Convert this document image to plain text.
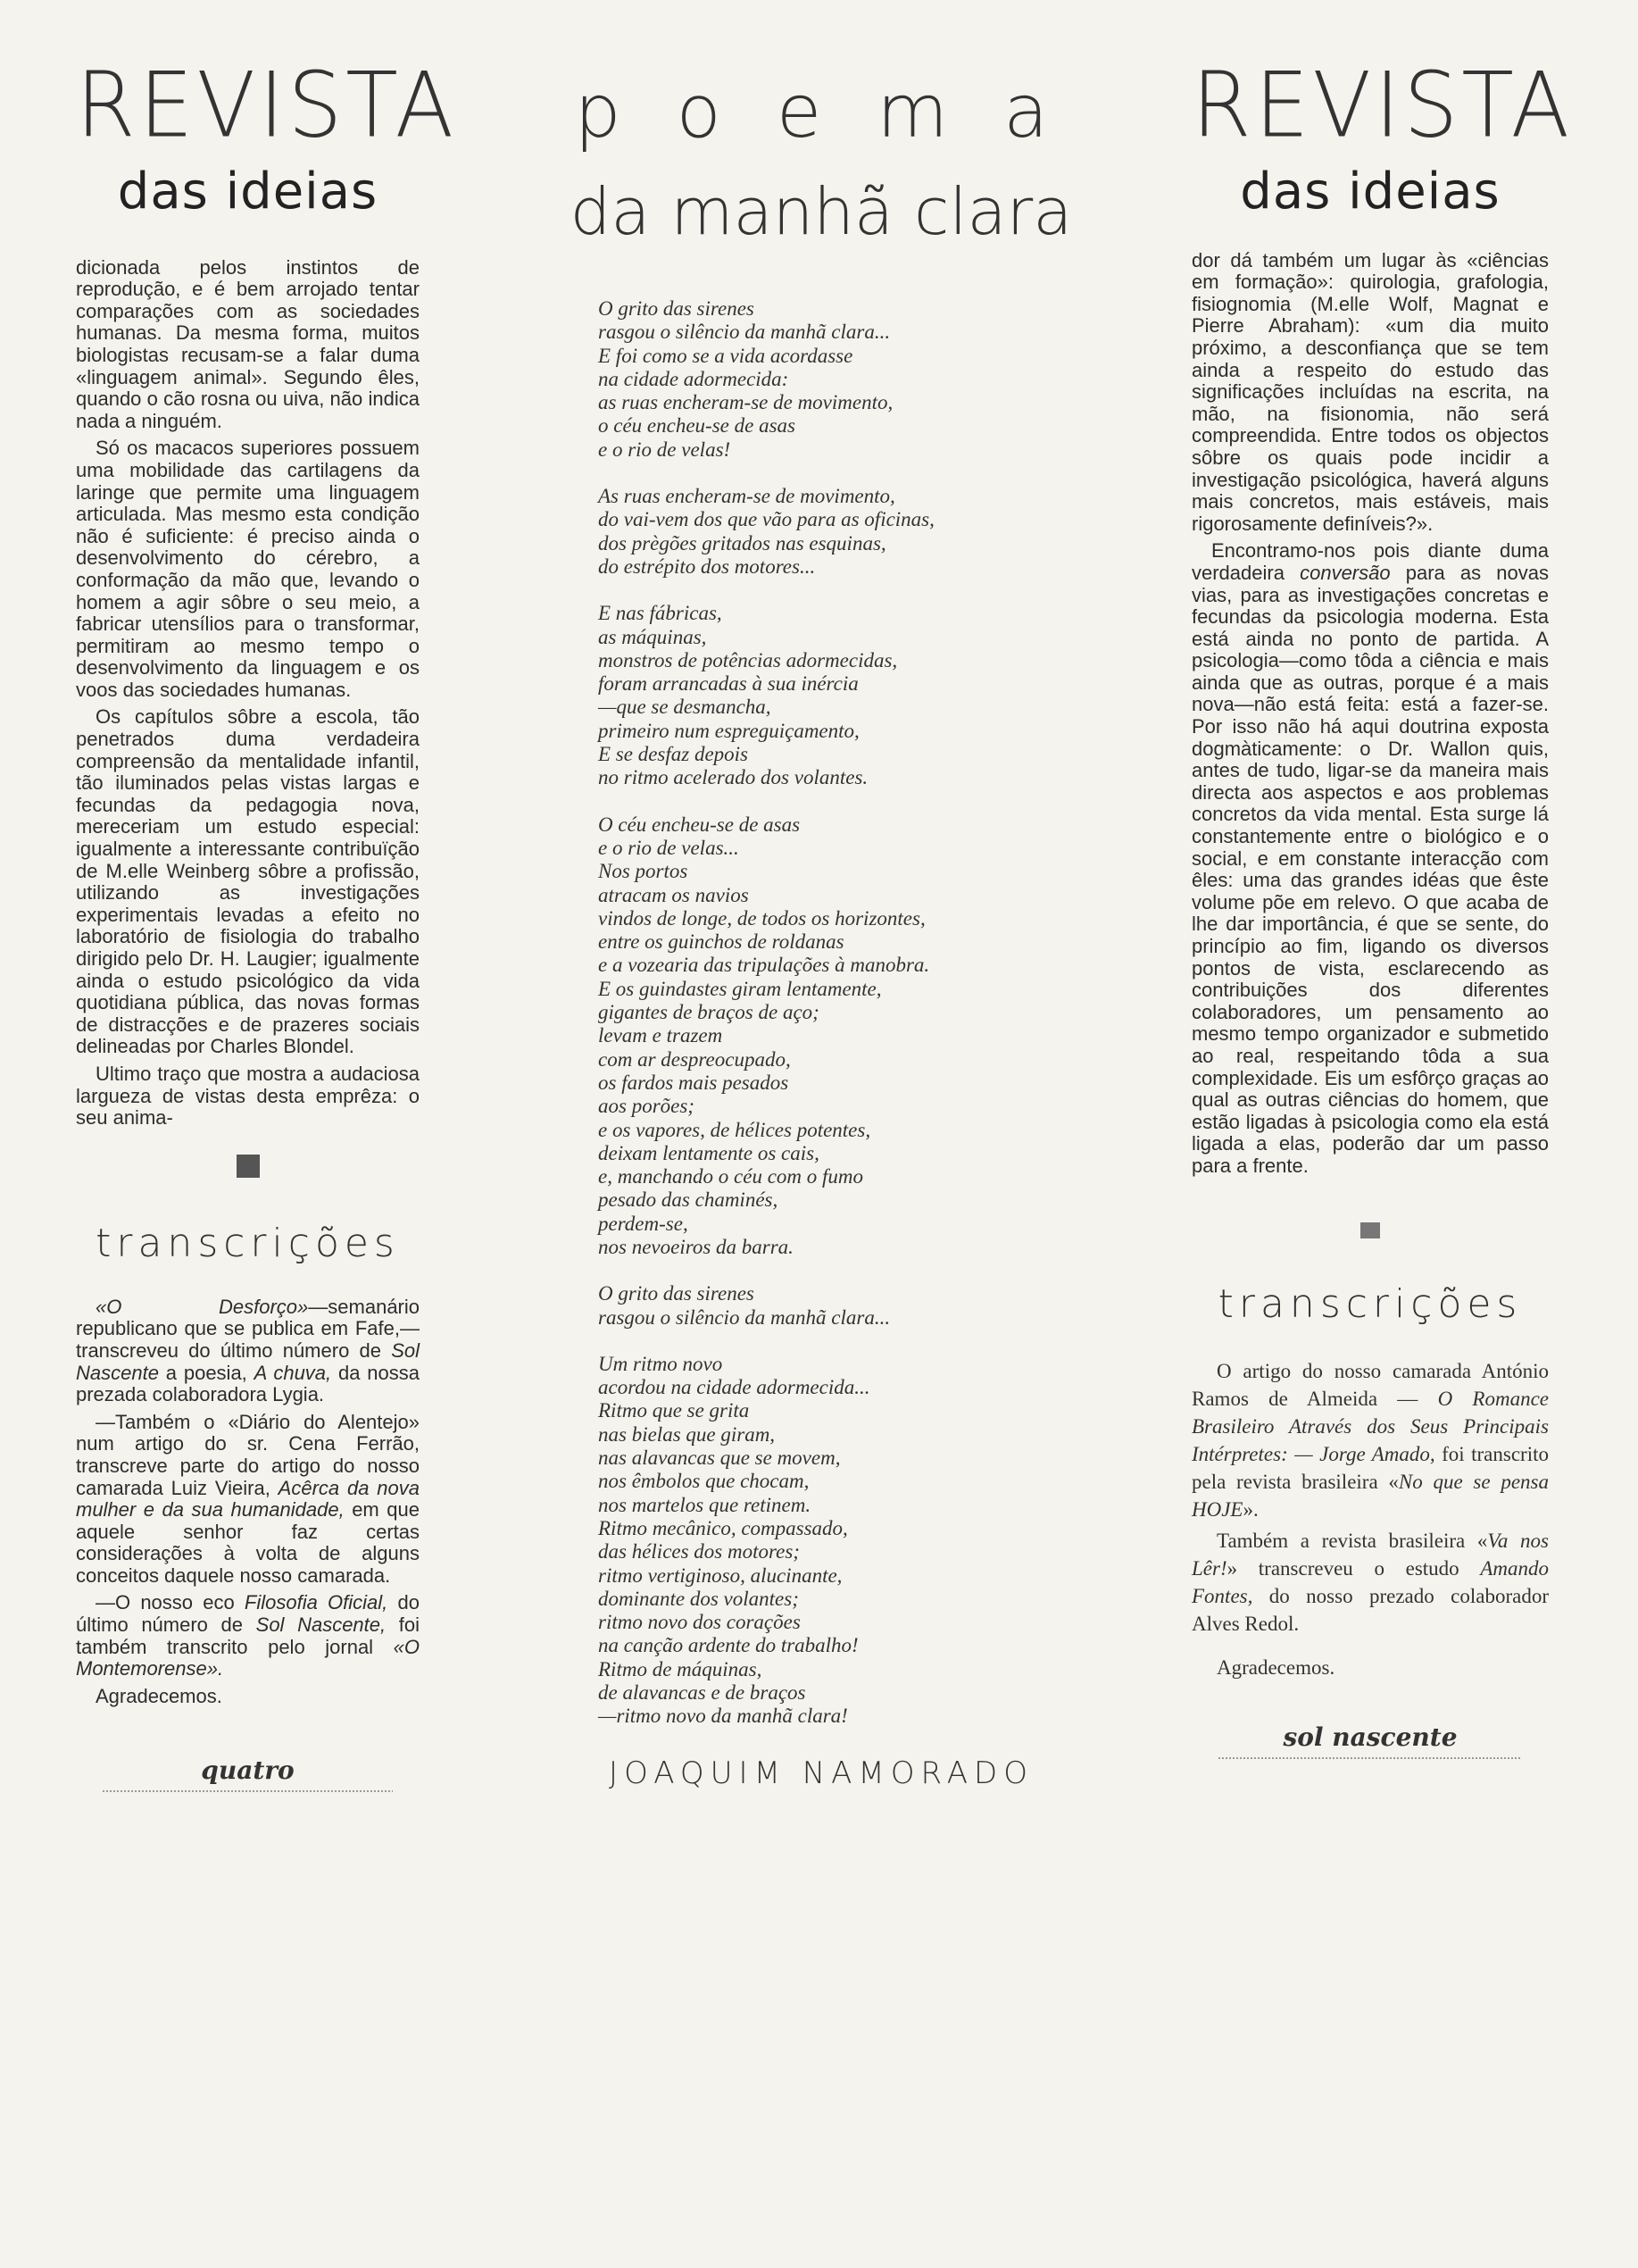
REVISTA
das ideias

dicionada pelos instintos de reprodução, e é bem arrojado tentar comparações com as sociedades humanas. Da mesma forma, muitos biologistas recusam-se a falar duma «linguagem animal». Segundo êles, quando o cão rosna ou uiva, não indica nada a ninguém.

Só os macacos superiores possuem uma mobilidade das cartilagens da laringe que permite uma linguagem articulada. Mas mesmo esta condição não é suficiente: é preciso ainda o desenvolvimento do cérebro, a conformação da mão que, levando o homem a agir sôbre o seu meio, a fabricar utensílios para o transformar, permitiram ao mesmo tempo o desenvolvimento da linguagem e os voos das sociedades humanas.

Os capítulos sôbre a escola, tão penetrados duma verdadeira compreensão da mentalidade infantil, tão iluminados pelas vistas largas e fecundas da pedagogia nova, mereceriam um estudo especial: igualmente a interessante contribuïção de M.elle Weinberg sôbre a profissão, utilizando as investigações experimentais levadas a efeito no laboratório de fisiologia do trabalho dirigido pelo Dr. H. Laugier; igualmente ainda o estudo psicológico da vida quotidiana pública, das novas formas de distracções e de prazeres sociais delineadas por Charles Blondel.

Ultimo traço que mostra a audaciosa largueza de vistas desta emprêza: o seu anima-

transcrições

«O Desforço»—semanário republicano que se publica em Fafe,—transcreveu do último número de Sol Nascente a poesia, A chuva, da nossa prezada colaboradora Lygia.

—Também o «Diário do Alentejo» num artigo do sr. Cena Ferrão, transcreve parte do artigo do nosso camarada Luiz Vieira, Acêrca da nova mulher e da sua humanidade, em que aquele senhor faz certas considerações à volta de alguns conceitos daquele nosso camarada.

—O nosso eco Filosofia Oficial, do último número de Sol Nascente, foi também transcrito pelo jornal «O Montemorense».

Agradecemos.

quatro
poema
da manhã clara
O grito das sirenes
rasgou o silêncio da manhã clara...
E foi como se a vida acordasse
na cidade adormecida:
as ruas encheram-se de movimento,
o céu encheu-se de asas
e o rio de velas!
As ruas encheram-se de movimento,
do vai-vem dos que vão para as oficinas,
dos prègões gritados nas esquinas,
do estrépito dos motores...
E nas fábricas,
as máquinas,
monstros de potências adormecidas,
foram arrancadas à sua inércia
—que se desmancha,
primeiro num espreguiçamento,
E se desfaz depois
no ritmo acelerado dos volantes.
O céu encheu-se de asas
e o rio de velas...
Nos portos
atracam os navios
vindos de longe, de todos os horizontes,
entre os guinchos de roldanas
e a vozearia das tripulações à manobra.
E os guindastes giram lentamente,
gigantes de braços de aço;
levam e trazem
com ar despreocupado,
os fardos mais pesados
aos porões;
e os vapores, de hélices potentes,
deixam lentamente os cais,
e, manchando o céu com o fumo
pesado das chaminés,
perdem-se,
nos nevoeiros da barra.
O grito das sirenes
rasgou o silêncio da manhã clara...
Um ritmo novo
acordou na cidade adormecida...
Ritmo que se grita
nas bielas que giram,
nas alavancas que se movem,
nos êmbolos que chocam,
nos martelos que retinem.
Ritmo mecânico, compassado,
das hélices dos motores;
ritmo vertiginoso, alucinante,
dominante dos volantes;
ritmo novo dos corações
na canção ardente do trabalho!
Ritmo de máquinas,
de alavancas e de braços
—ritmo novo da manhã clara!
JOAQUIM NAMORADO
REVISTA
das ideias

dor dá também um lugar às «ciências em formação»: quirologia, grafologia, fisiognomia (M.elle Wolf, Magnat e Pierre Abraham): «um dia muito próximo, a desconfiança que se tem ainda a respeito do estudo das significações incluídas na escrita, na mão, na fisionomia, não será compreendida. Entre todos os objectos sôbre os quais pode incidir a investigação psicológica, haverá alguns mais concretos, mais estáveis, mais rigorosamente definíveis?».

Encontramo-nos pois diante duma verdadeira conversão para as novas vias, para as investigações concretas e fecundas da psicologia moderna. Esta está ainda no ponto de partida. A psicologia—como tôda a ciência e mais ainda que as outras, porque é a mais nova—não está feita: está a fazer-se. Por isso não há aqui doutrina exposta dogmàticamente: o Dr. Wallon quis, antes de tudo, ligar-se da maneira mais directa aos aspectos e aos problemas concretos da vida mental. Esta surge lá constantemente entre o biológico e o social, e em constante interacção com êles: uma das grandes idéas que êste volume põe em relevo. O que acaba de lhe dar importância, é que se sente, do princípio ao fim, ligando os diversos pontos de vista, esclarecendo as contribuições dos diferentes colaboradores, um pensamento ao mesmo tempo organizador e submetido ao real, respeitando tôda a sua complexidade. Eis um esfôrço graças ao qual as outras ciências do homem, que estão ligadas à psicologia como ela está ligada a elas, poderão dar um passo para a frente.

transcrições

O artigo do nosso camarada António Ramos de Almeida — O Romance Brasileiro Através dos Seus Principais Intérpretes: — Jorge Amado, foi transcrito pela revista brasileira «No que se pensa HOJE».

Também a revista brasileira «Va nos Lêr!» transcreveu o estudo Amando Fontes, do nosso prezado colaborador Alves Redol.

Agradecemos.

sol nascente
